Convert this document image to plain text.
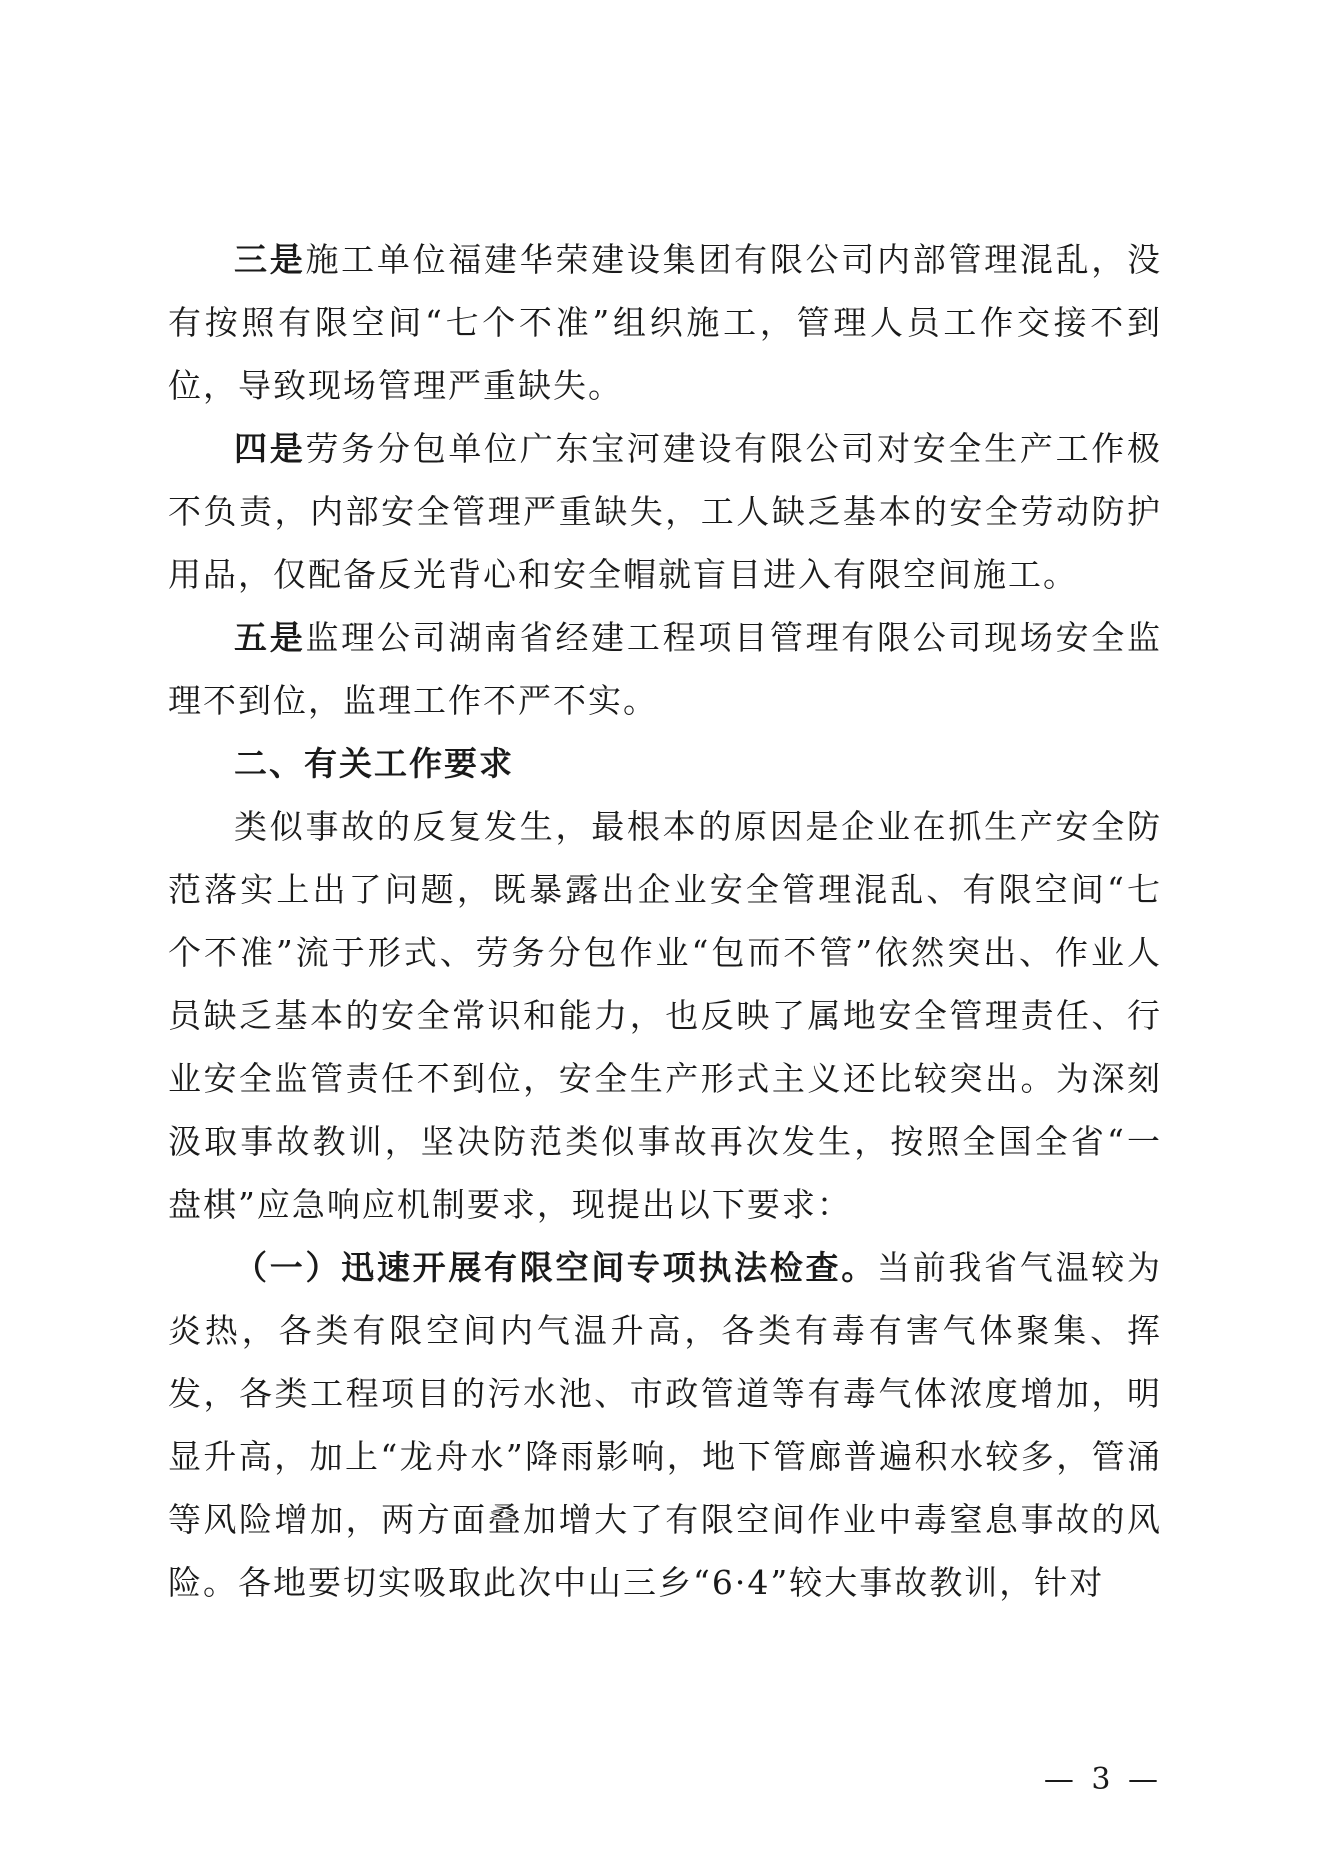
三是施工单位福建华荣建设集团有限公司内部管理混乱，没有按照有限空间“七个不准”组织施工，管理人员工作交接不到位，导致现场管理严重缺失。

四是劳务分包单位广东宝河建设有限公司对安全生产工作极不负责，内部安全管理严重缺失，工人缺乏基本的安全劳动防护用品，仅配备反光背心和安全帽就盲目进入有限空间施工。

五是监理公司湖南省经建工程项目管理有限公司现场安全监理不到位，监理工作不严不实。

二、有关工作要求

类似事故的反复发生，最根本的原因是企业在抓生产安全防范落实上出了问题，既暴露出企业安全管理混乱、有限空间“七个不准”流于形式、劳务分包作业“包而不管”依然突出、作业人员缺乏基本的安全常识和能力，也反映了属地安全管理责任、行业安全监管责任不到位，安全生产形式主义还比较突出。为深刻汲取事故教训，坚决防范类似事故再次发生，按照全国全省“一盘棋”应急响应机制要求，现提出以下要求：

（一）迅速开展有限空间专项执法检查。当前我省气温较为炎热，各类有限空间内气温升高，各类有毒有害气体聚集、挥发，各类工程项目的污水池、市政管道等有毒气体浓度增加，明显升高，加上“龙舟水”降雨影响，地下管廊普遍积水较多，管涌等风险增加，两方面叠加增大了有限空间作业中毒窒息事故的风险。各地要切实吸取此次中山三乡“6·4”较大事故教训，针对

— 3 —
